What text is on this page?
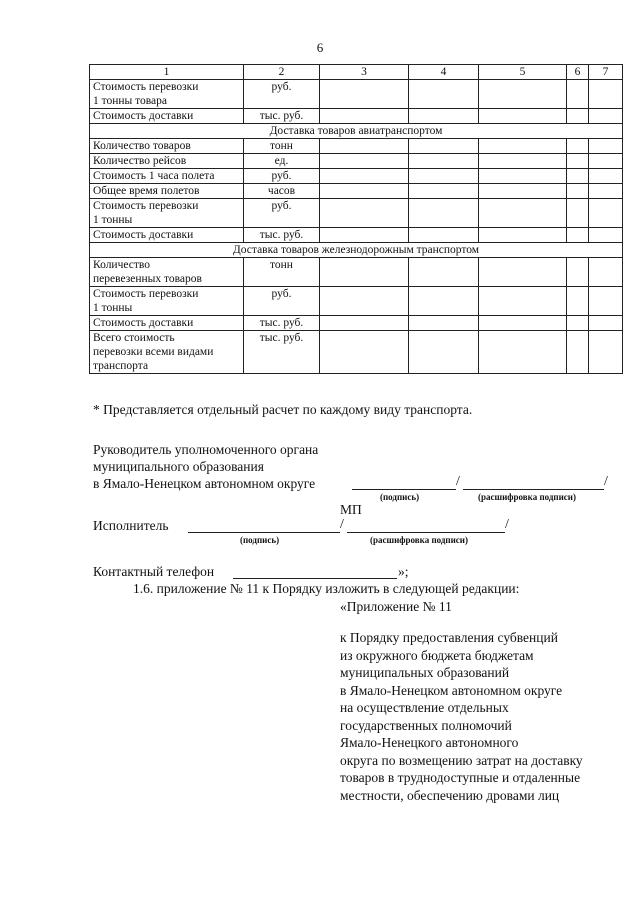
6
1	2	3	4	5	6	7
Стоимость перевозки
1 тонны товара	руб.					
Стоимость доставки	тыс. руб.					
Доставка товаров авиатранспортом						
Количество товаров	тонн					
Количество рейсов	ед.					
Стоимость 1 часа полета	руб.					
Общее время полетов	часов					
Стоимость перевозки
1 тонны	руб.					
Стоимость доставки	тыс. руб.					
Доставка товаров железнодорожным транспортом						
Количество
перевезенных товаров	тонн					
Стоимость перевозки
1 тонны	руб.					
Стоимость доставки	тыс. руб.					
Всего стоимость
перевозки всеми видами
транспорта	тыс. руб.					
* Представляется отдельный расчет по каждому виду транспорта.
Руководитель уполномоченного органа
муниципального образования
в Ямало-Ненецком автономном округе	/	/
(подпись)	(расшифровка подписи)
МП
Исполнитель	/	/
(подпись)	(расшифровка подписи)
Контактный телефон	»;
1.6. приложение № 11 к Порядку изложить в следующей редакции:
«Приложение № 11
к Порядку предоставления субвенций
из окружного бюджета бюджетам
муниципальных образований
в Ямало-Ненецком автономном округе
на осуществление отдельных
государственных полномочий
Ямало-Ненецкого автономного
округа по возмещению затрат на доставку
товаров в труднодоступные и отдаленные
местности, обеспечению дровами лиц
